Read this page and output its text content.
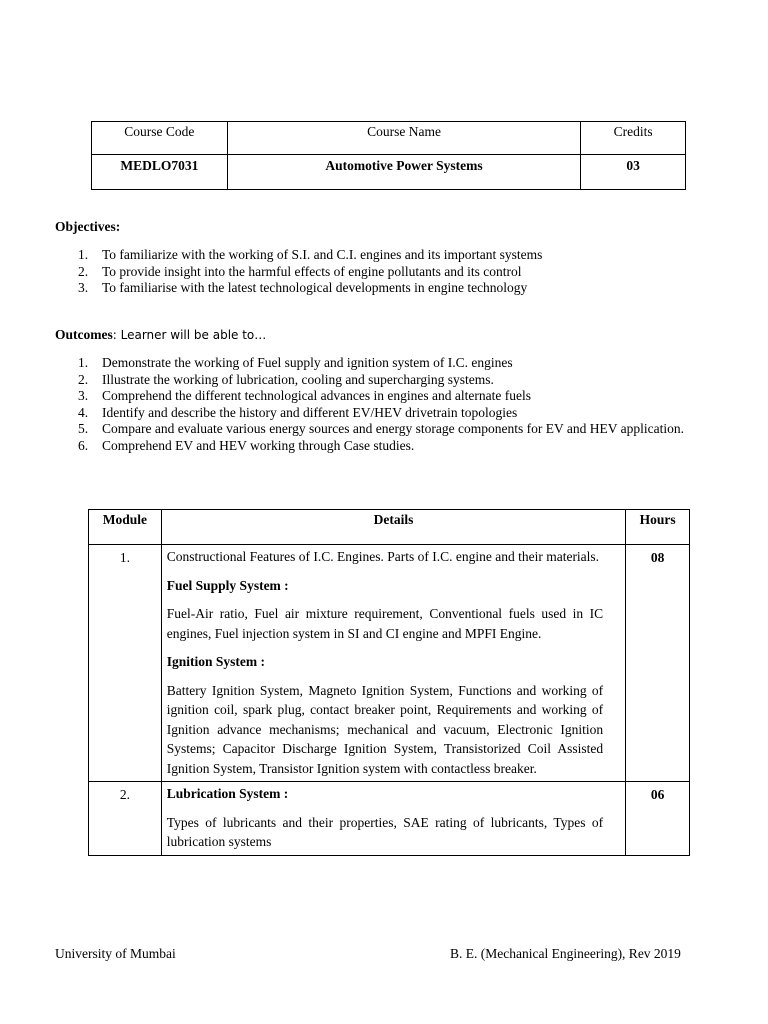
Course Code	Course Name	Credits
MEDLO7031	Automotive Power Systems	03
Objectives:
1. To familiarize with the working of S.I. and C.I. engines and its important systems
2. To provide insight into the harmful effects of engine pollutants and its control
3. To familiarise with the latest technological developments in engine technology
Outcomes: Learner will be able to…
1. Demonstrate the working of Fuel supply and ignition system of I.C. engines
2. Illustrate the working of lubrication, cooling and supercharging systems.
3. Comprehend the different technological advances in engines and alternate fuels
4. Identify and describe the history and different EV/HEV drivetrain topologies
5. Compare and evaluate various energy sources and energy storage components for EV and HEV application.
6. Comprehend EV and HEV working through Case studies.
Module	Details	Hours
1.	Constructional Features of I.C. Engines. Parts of I.C. engine and their materials.
Fuel Supply System :
Fuel-Air ratio, Fuel air mixture requirement, Conventional fuels used in IC engines, Fuel injection system in SI and CI engine and MPFI Engine.
Ignition System :
Battery Ignition System, Magneto Ignition System, Functions and working of ignition coil, spark plug, contact breaker point, Requirements and working of Ignition advance mechanisms; mechanical and vacuum, Electronic Ignition Systems; Capacitor Discharge Ignition System, Transistorized Coil Assisted Ignition System, Transistor Ignition system with contactless breaker.	08
2.	Lubrication System :
Types of lubricants and their properties, SAE rating of lubricants, Types of lubrication systems	06
University of Mumbai	B. E. (Mechanical Engineering), Rev 2019
